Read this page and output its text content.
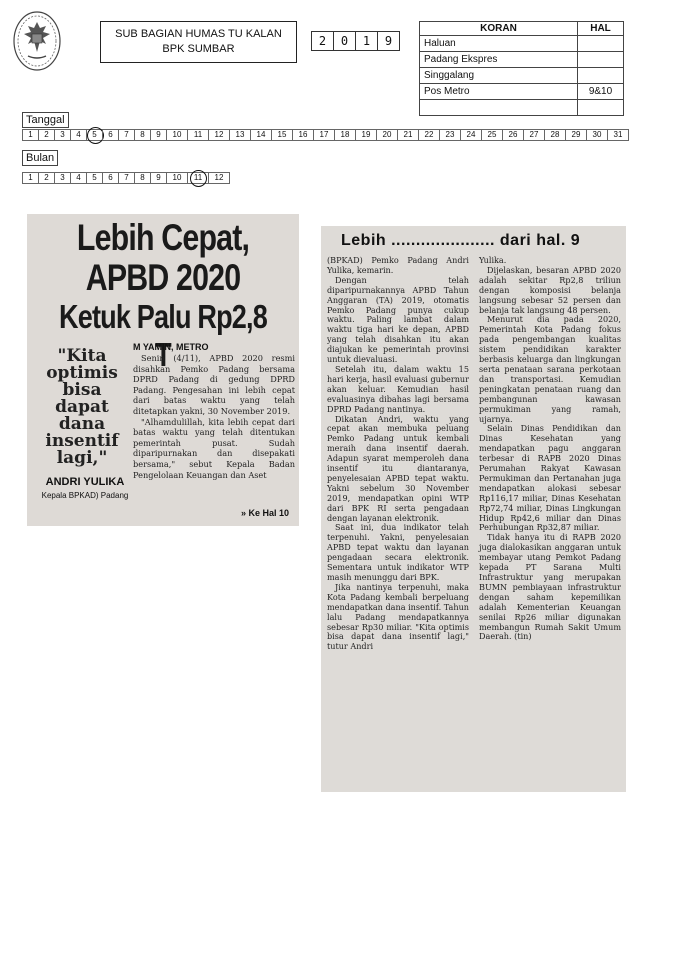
SUB BAGIAN HUMAS TU KALAN
BPK SUMBAR
2	0	1	9
KORAN	HAL
Haluan	
Padang Ekspres	
Singgalang	
Pos Metro	9&10

Tanggal
1	2	3	4	5	6	7	8	9	10	11	12	13	14	15	16	17	18	19	20	21	22	23	24	25	26	27	28	29	30	31
Bulan
1	2	3	4	5	6	7	8	9	10	11	12
Lebih Cepat,
APBD 2020
Ketuk Palu Rp2,8 T
"Kita optimis bisa dapat dana insentif lagi,"
ANDRI YULIKA
Kepala BPKAD) Padang
M YAMIN, METRO

Senin (4/11), APBD 2020 resmi disahkan Pemko Padang bersama DPRD Padang di gedung DPRD Padang. Pengesahan ini lebih cepat dari batas waktu yang telah ditetapkan yakni, 30 November 2019.

"Alhamdulillah, kita lebih cepat dari batas waktu yang telah ditentukan pemerintah pusat. Sudah diparipurnakan dan disepakati bersama," sebut Kepala Badan Pengelolaan Keuangan dan Aset

» Ke Hal 10
Lebih ..................... dari hal. 9

(BPKAD) Pemko Padang Andri Yulika, kemarin.

Dengan telah diparipurnakannya APBD Tahun Anggaran (TA) 2019, otomatis Pemko Padang punya cukup waktu. Paling lambat dalam waktu tiga hari ke depan, APBD yang telah disahkan itu akan diajukan ke pemerintah provinsi untuk dievaluasi.

Setelah itu, dalam waktu 15 hari kerja, hasil evaluasi gubernur akan keluar. Kemudian hasil evaluasinya dibahas lagi bersama DPRD Padang nantinya.

Dikatan Andri, waktu yang cepat akan membuka peluang Pemko Padang untuk kembali meraih dana insentif daerah. Adapun syarat memperoleh dana insentif itu diantaranya, penyelesaian APBD tepat waktu. Yakni sebelum 30 November 2019, mendapatkan opini WTP dari BPK RI serta pengadaan dengan layanan elektronik.

Saat ini, dua indikator telah terpenuhi. Yakni, penyelesaian APBD tepat waktu dan layanan pengadaan secara elektronik. Sementara untuk indikator WTP masih menunggu dari BPK.

Jika nantinya terpenuhi, maka Kota Padang kembali berpeluang mendapatkan dana insentif. Tahun lalu Padang mendapatkannya sebesar Rp30 miliar. "Kita optimis bisa dapat dana insentif lagi," tutur Andri

Yulika.

Dijelaskan, besaran APBD 2020 adalah sekitar Rp2,8 triliun dengan komposisi belanja langsung sebesar 52 persen dan belanja tak langsung 48 persen.

Menurut dia pada 2020, Pemerintah Kota Padang fokus pada pengembangan kualitas sistem pendidikan karakter berbasis keluarga dan lingkungan serta penataan sarana perkotaan dan transportasi. Kemudian peningkatan penataan ruang dan pembangunan kawasan permukiman yang ramah, ujarnya.

Selain Dinas Pendidikan dan Dinas Kesehatan yang mendapatkan pagu anggaran terbesar di RAPB 2020 Dinas Perumahan Rakyat Kawasan Permukiman dan Pertanahan juga mendapatkan alokasi sebesar Rp116,17 miliar, Dinas Kesehatan Rp72,74 miliar, Dinas Lingkungan Hidup Rp42,6 miliar dan Dinas Perhubungan Rp32,87 miliar.

Tidak hanya itu di RAPB 2020 juga dialokasikan anggaran untuk membayar utang Pemkot Padang kepada PT Sarana Multi Infrastruktur yang merupakan BUMN pembiayaan infrastruktur dengan saham kepemilikan adalah Kementerian Keuangan senilai Rp26 miliar digunakan membangun Rumah Sakit Umum Daerah. (tin)
